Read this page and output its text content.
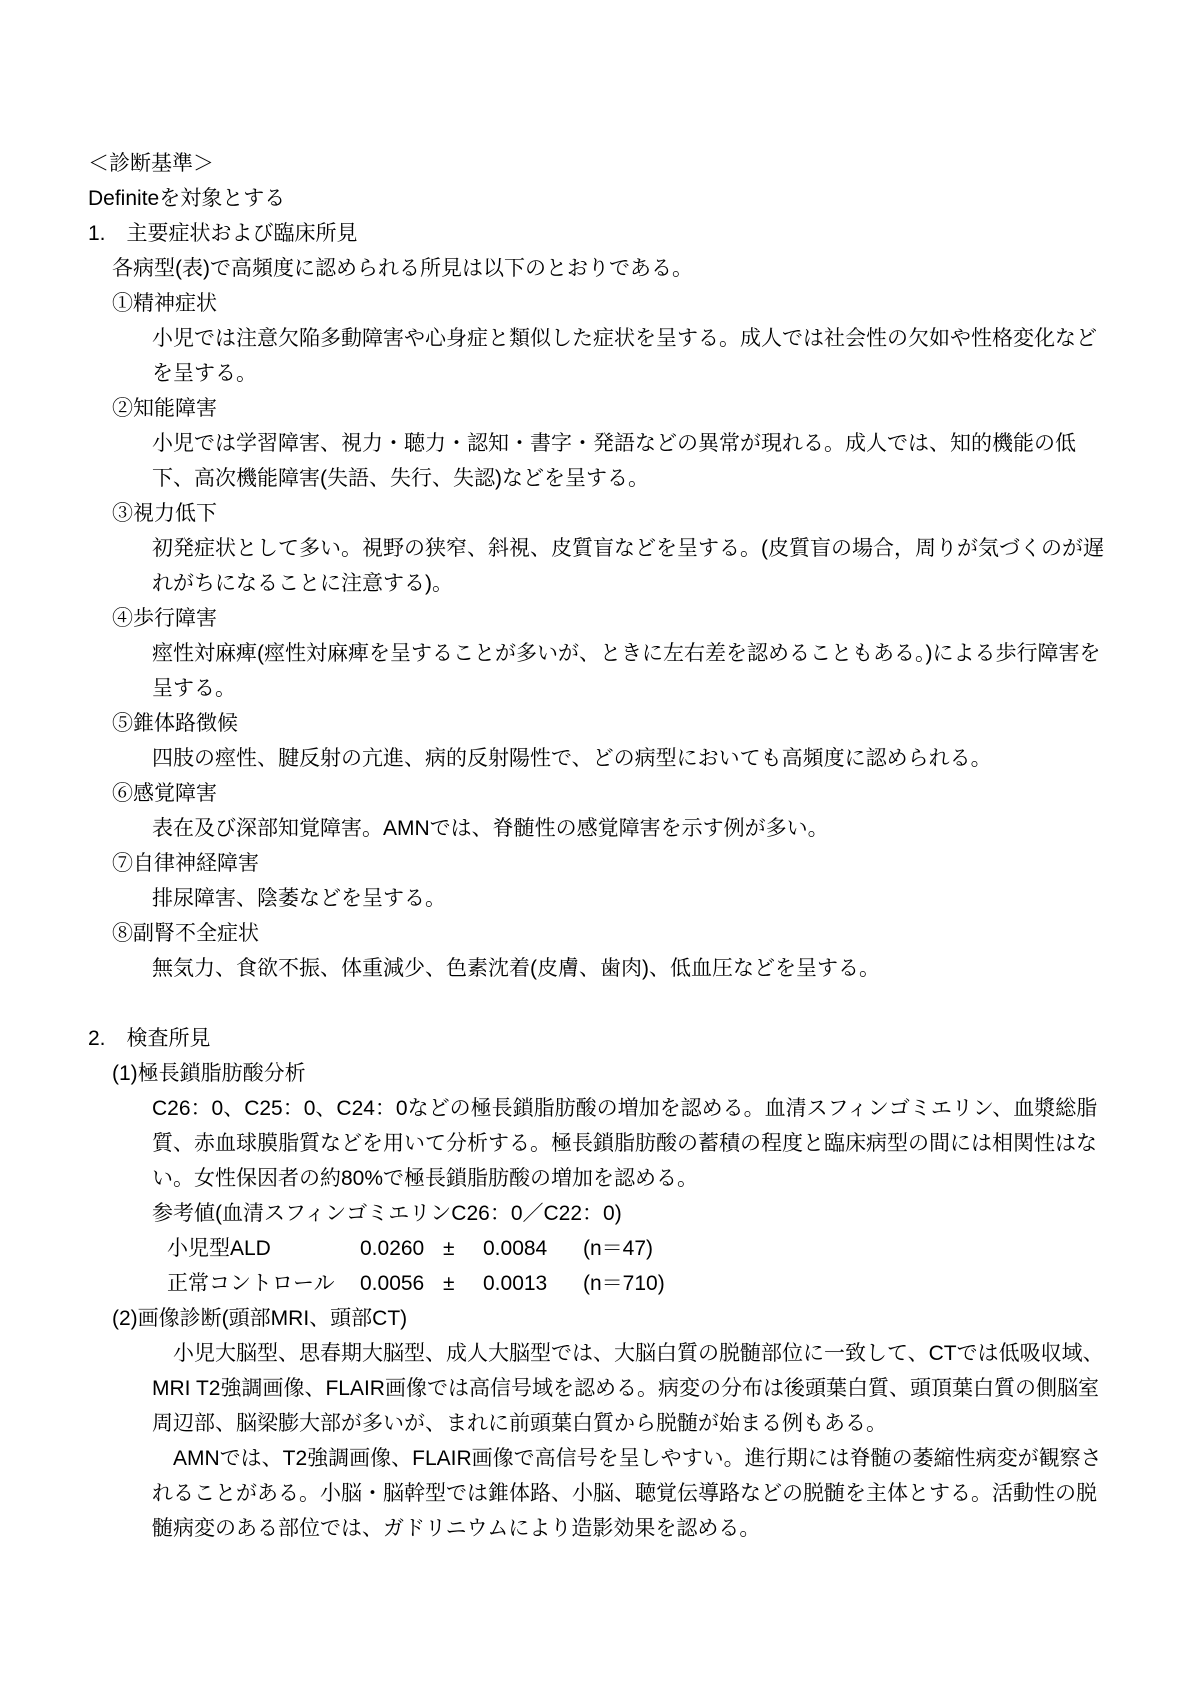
＜診断基準＞
Definiteを対象とする
1.　主要症状および臨床所見
各病型(表)で高頻度に認められる所見は以下のとおりである。
①精神症状
小児では注意欠陥多動障害や心身症と類似した症状を呈する。成人では社会性の欠如や性格変化などを呈する。
②知能障害
小児では学習障害、視力・聴力・認知・書字・発語などの異常が現れる。成人では、知的機能の低下、高次機能障害(失語、失行、失認)などを呈する。
③視力低下
初発症状として多い。視野の狭窄、斜視、皮質盲などを呈する。(皮質盲の場合，周りが気づくのが遅れがちになることに注意する)。
④歩行障害
痙性対麻痺(痙性対麻痺を呈することが多いが、ときに左右差を認めることもある。)による歩行障害を呈する。
⑤錐体路徴候
四肢の痙性、腱反射の亢進、病的反射陽性で、どの病型においても高頻度に認められる。
⑥感覚障害
表在及び深部知覚障害。AMNでは、脊髄性の感覚障害を示す例が多い。
⑦自律神経障害
排尿障害、陰萎などを呈する。
⑧副腎不全症状
無気力、食欲不振、体重減少、色素沈着(皮膚、歯肉)、低血圧などを呈する。
2.　検査所見
(1)極長鎖脂肪酸分析
C26：0、C25：0、C24：0などの極長鎖脂肪酸の増加を認める。血清スフィンゴミエリン、血漿総脂質、赤血球膜脂質などを用いて分析する。極長鎖脂肪酸の蓄積の程度と臨床病型の間には相関性はない。女性保因者の約80%で極長鎖脂肪酸の増加を認める。
参考値(血清スフィンゴミエリンC26：0／C22：0)
小児型ALD	0.0260 ±	0.0084	(n＝47)
正常コントロール	0.0056 ±	0.0013	(n＝710)
(2)画像診断(頭部MRI、頭部CT)
小児大脳型、思春期大脳型、成人大脳型では、大脳白質の脱髄部位に一致して、CTでは低吸収域、MRI T2強調画像、FLAIR画像では高信号域を認める。病変の分布は後頭葉白質、頭頂葉白質の側脳室周辺部、脳梁膨大部が多いが、まれに前頭葉白質から脱髄が始まる例もある。
AMNでは、T2強調画像、FLAIR画像で高信号を呈しやすい。進行期には脊髄の萎縮性病変が観察されることがある。小脳・脳幹型では錐体路、小脳、聴覚伝導路などの脱髄を主体とする。活動性の脱髄病変のある部位では、ガドリニウムにより造影効果を認める。
